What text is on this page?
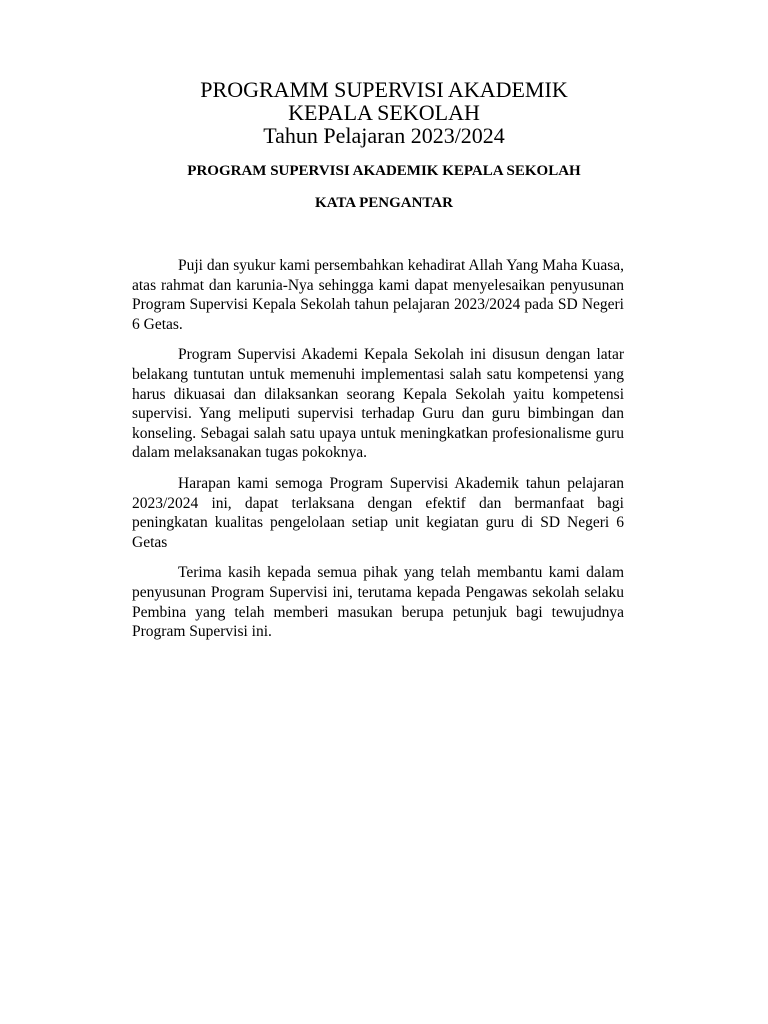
PROGRAMM SUPERVISI AKADEMIK
KEPALA SEKOLAH
Tahun Pelajaran 2023/2024
PROGRAM SUPERVISI AKADEMIK KEPALA SEKOLAH
KATA PENGANTAR

Puji dan syukur kami persembahkan kehadirat Allah Yang Maha Kuasa, atas rahmat dan karunia-Nya sehingga kami dapat menyelesaikan penyusunan Program Supervisi Kepala Sekolah tahun pelajaran 2023/2024 pada SD Negeri 6 Getas.

Program Supervisi Akademi Kepala Sekolah ini disusun dengan latar belakang tuntutan untuk memenuhi implementasi salah satu kompetensi yang harus dikuasai dan dilaksankan seorang Kepala Sekolah yaitu kompetensi supervisi. Yang meliputi supervisi terhadap Guru dan guru bimbingan dan konseling. Sebagai salah satu upaya untuk meningkatkan profesionalisme guru dalam melaksanakan tugas pokoknya.

Harapan kami semoga Program Supervisi Akademik tahun pelajaran 2023/2024 ini, dapat terlaksana dengan efektif dan bermanfaat bagi peningkatan kualitas pengelolaan setiap unit kegiatan guru di SD Negeri 6 Getas

Terima kasih kepada semua pihak yang telah membantu kami dalam penyusunan Program Supervisi ini, terutama kepada Pengawas sekolah selaku Pembina yang telah memberi masukan berupa petunjuk bagi tewujudnya Program Supervisi ini.
